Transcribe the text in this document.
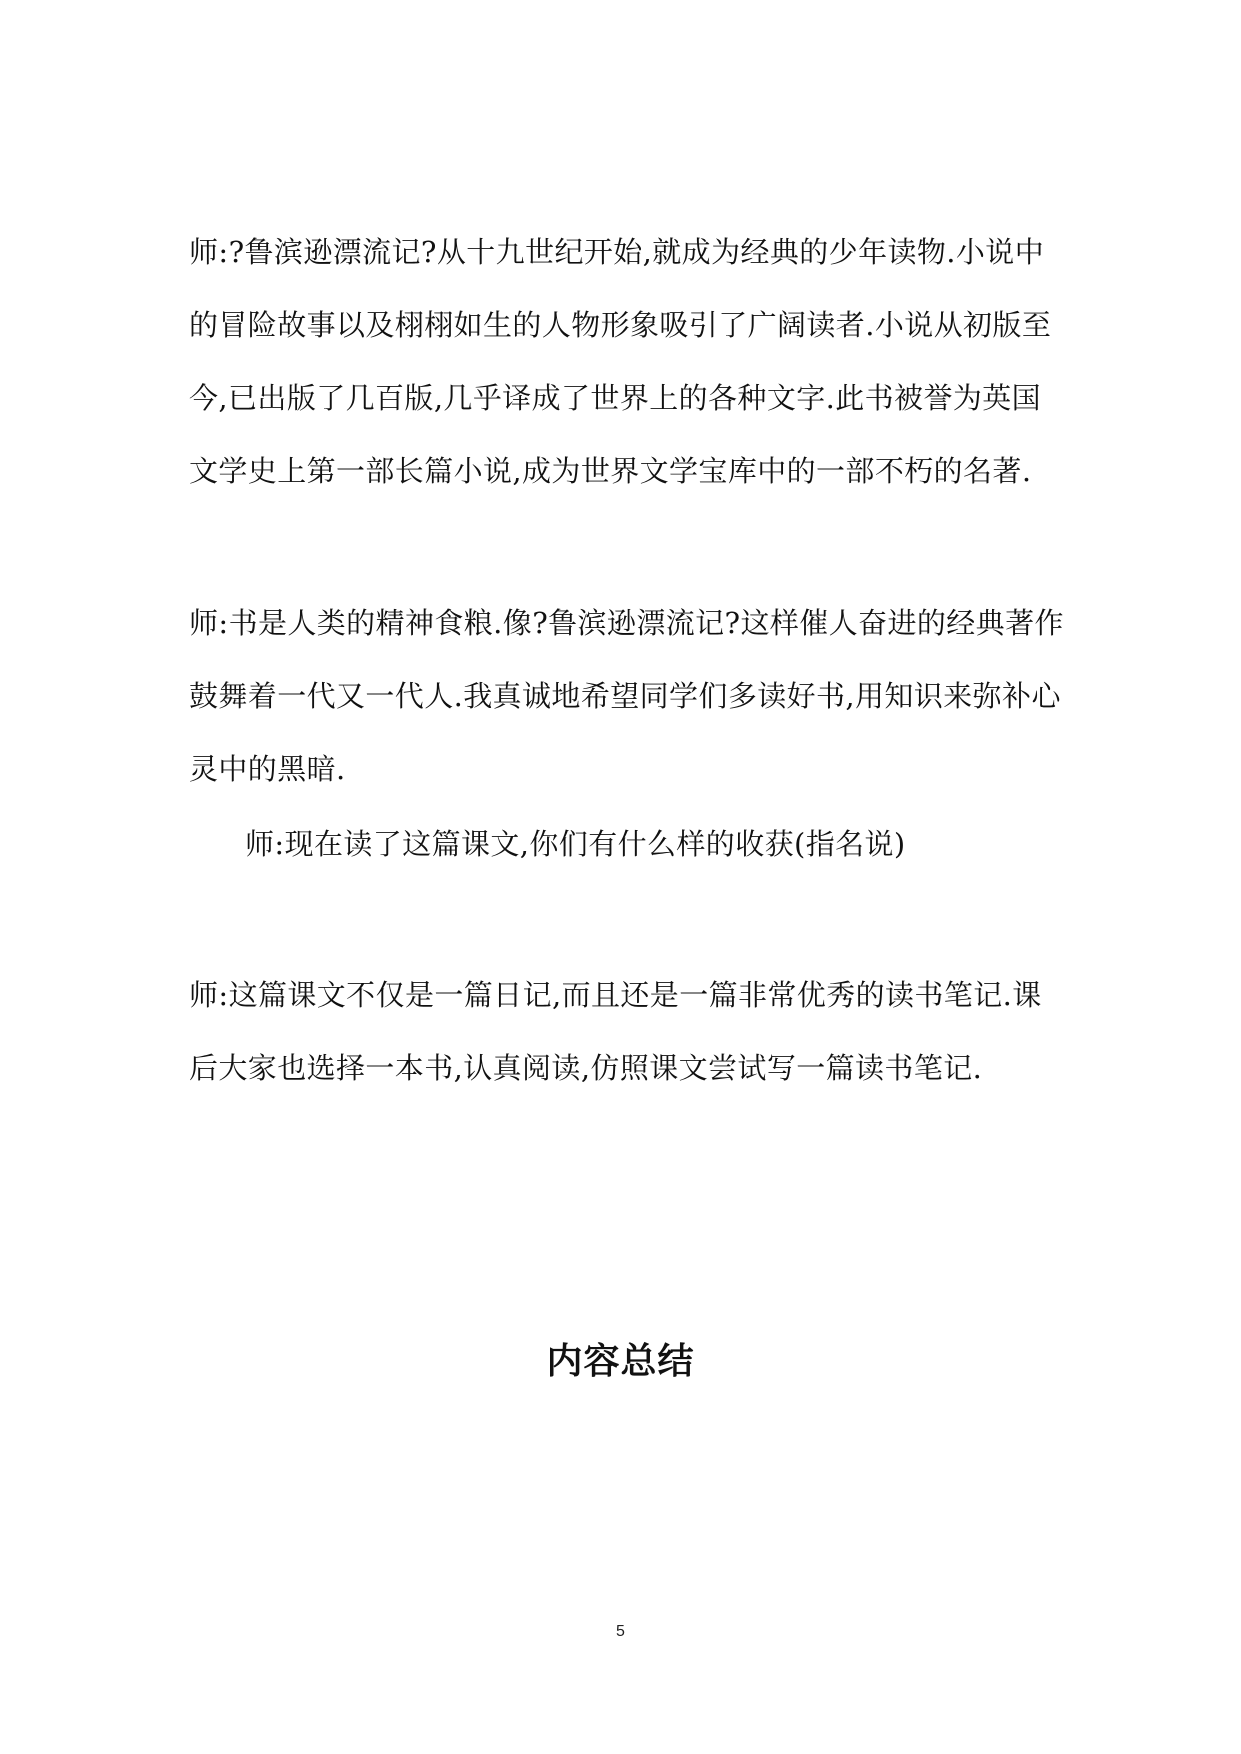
师:?鲁滨逊漂流记?从十九世纪开始,就成为经典的少年读物.小说中
的冒险故事以及栩栩如生的人物形象吸引了广阔读者.小说从初版至
今,已出版了几百版,几乎译成了世界上的各种文字.此书被誉为英国
文学史上第一部长篇小说,成为世界文学宝库中的一部不朽的名著.
师:书是人类的精神食粮.像?鲁滨逊漂流记?这样催人奋进的经典著作
鼓舞着一代又一代人.我真诚地希望同学们多读好书,用知识来弥补心
灵中的黑暗.
师:现在读了这篇课文,你们有什么样的收获(指名说)
师:这篇课文不仅是一篇日记,而且还是一篇非常优秀的读书笔记.课
后大家也选择一本书,认真阅读,仿照课文尝试写一篇读书笔记.
内容总结
5
